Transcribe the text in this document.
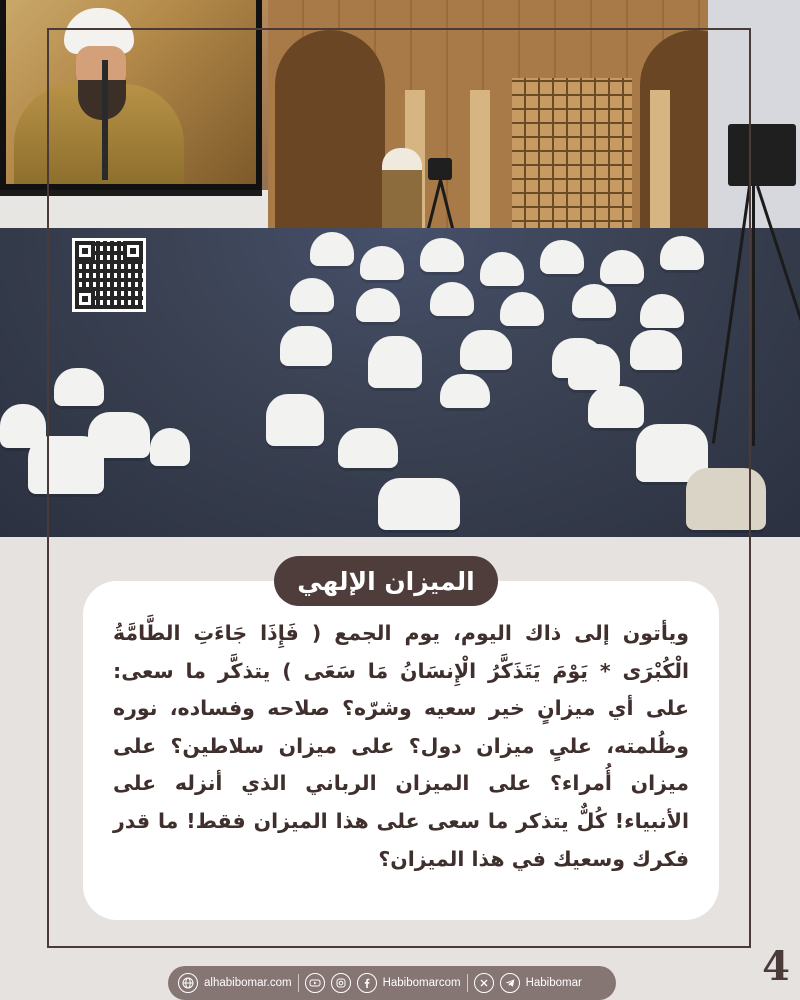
ويأتون إلى ذاك اليوم، يوم الجمع ( فَإِذَا جَاءَتِ الطَّامَّةُ الْكُبْرَى * يَوْمَ يَتَذَكَّرُ الْإِنسَانُ مَا سَعَى ) يتذكَّر ما سعى: على أي ميزانٍ خير سعيه وشرّه؟ صلاحه وفساده، نوره وظُلمته، علىٍ ميزان دول؟ على ميزان سلاطين؟ على ميزان أُمراء؟ على الميزان الرباني الذي أنزله على الأنبياء! كُلٌّ يتذكر ما سعى على هذا الميزان فقط! ما قدر فكرك وسعيك في هذا الميزان؟

الميزان الإلهي
4
alhabibomar.com	Habibomarcom	Habibomar
